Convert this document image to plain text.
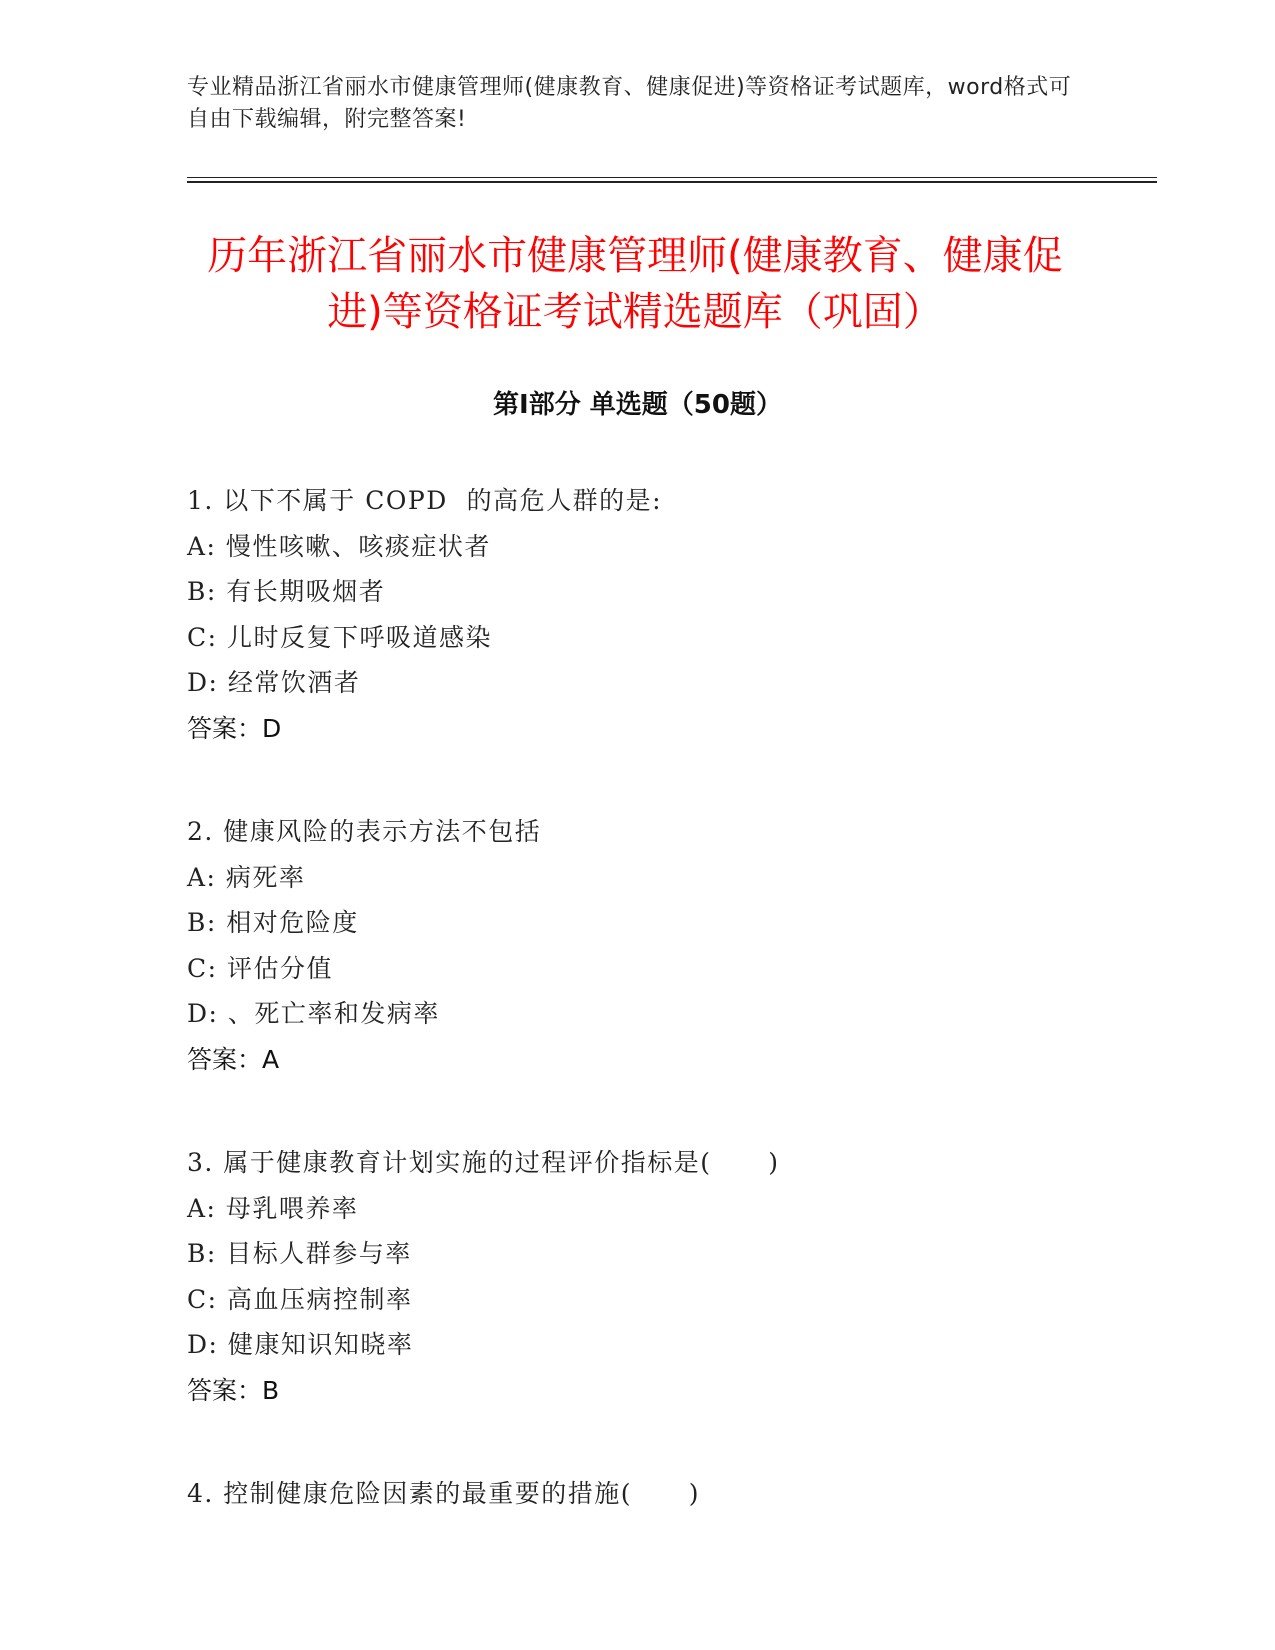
专业精品浙江省丽水市健康管理师(健康教育、健康促进)等资格证考试题库，word格式可自由下载编辑，附完整答案!
历年浙江省丽水市健康管理师(健康教育、健康促进)等资格证考试精选题库（巩固）
第Ⅰ部分 单选题（50题）
1. 以下不属于 COPD  的高危人群的是:
A: 慢性咳嗽、咳痰症状者
B: 有长期吸烟者
C: 儿时反复下呼吸道感染
D: 经常饮酒者
答案：D
2. 健康风险的表示方法不包括
A: 病死率
B: 相对危险度
C: 评估分值
D: 、死亡率和发病率
答案：A
3. 属于健康教育计划实施的过程评价指标是(      )
A: 母乳喂养率
B: 目标人群参与率
C: 高血压病控制率
D: 健康知识知晓率
答案：B
4. 控制健康危险因素的最重要的措施(      )
